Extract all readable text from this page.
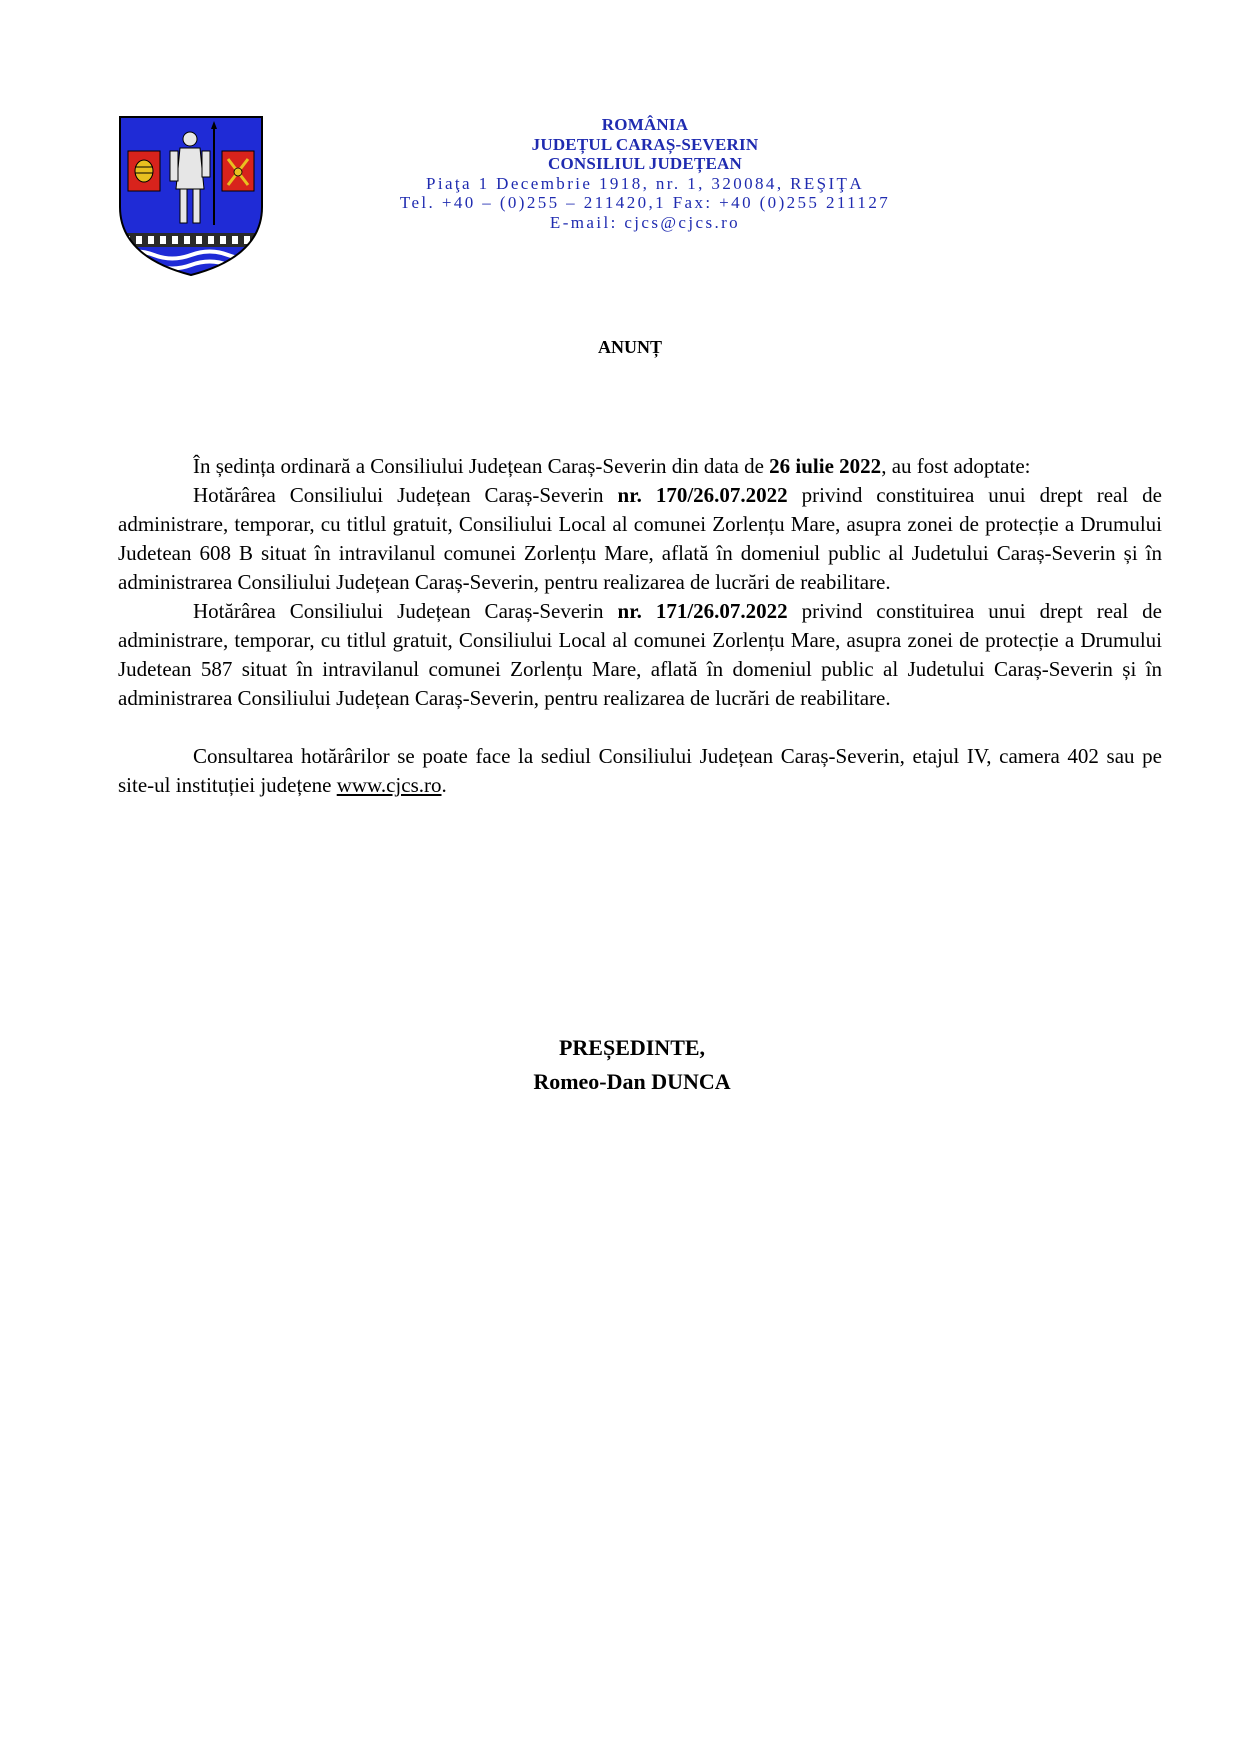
ROMÂNIA
JUDEȚUL CARAȘ-SEVERIN
CONSILIUL JUDEȚEAN
Piaţa 1 Decembrie 1918, nr. 1, 320084, REŞIŢA
Tel. +40 – (0)255 – 211420,1 Fax: +40 (0)255 211127
E-mail: cjcs@cjcs.ro
ANUNȚ

În ședința ordinară a Consiliului Județean Caraș-Severin din data de 26 iulie 2022, au fost adoptate:

Hotărârea Consiliului Județean Caraș-Severin nr. 170/26.07.2022 privind constituirea unui drept real de administrare, temporar, cu titlul gratuit, Consiliului Local al comunei Zorlențu Mare, asupra zonei de protecție a Drumului Judetean 608 B situat în intravilanul comunei Zorlențu Mare, aflată în domeniul public al Judetului Caraș-Severin și în administrarea Consiliului Județean Caraș-Severin, pentru realizarea de lucrări de reabilitare.

Hotărârea Consiliului Județean Caraș-Severin nr. 171/26.07.2022 privind constituirea unui drept real de administrare, temporar, cu titlul gratuit, Consiliului Local al comunei Zorlențu Mare, asupra zonei de protecție a Drumului Judetean 587 situat în intravilanul comunei Zorlențu Mare, aflată în domeniul public al Judetului Caraș-Severin și în administrarea Consiliului Județean Caraș-Severin, pentru realizarea de lucrări de reabilitare.

Consultarea hotărârilor se poate face la sediul Consiliului Județean Caraș-Severin, etajul IV, camera 402 sau pe site-ul instituției județene www.cjcs.ro.

PREȘEDINTE,
Romeo-Dan DUNCA
